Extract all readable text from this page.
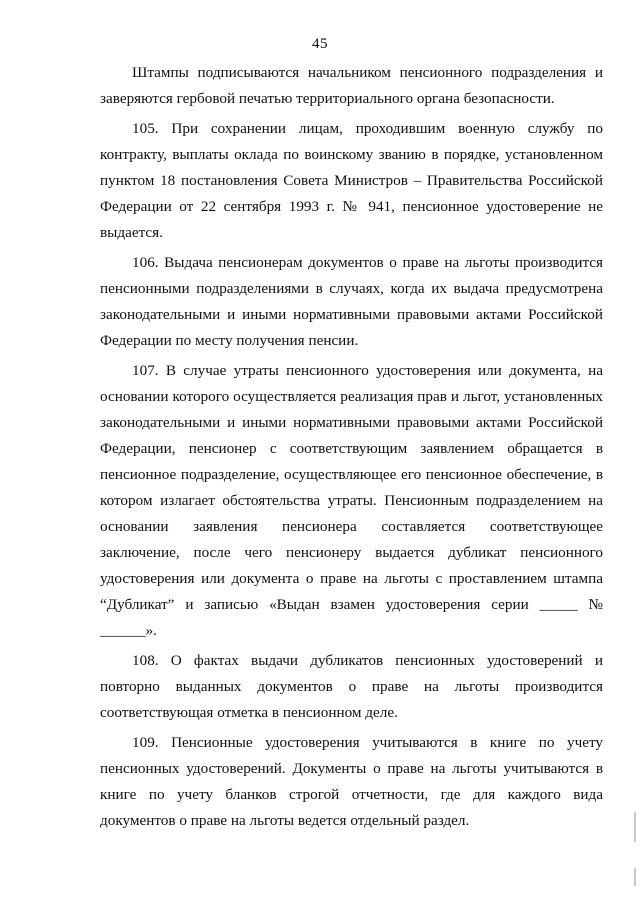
45

Штампы подписываются начальником пенсионного подразделения и заверяются гербовой печатью территориального органа безопасности.

105. При сохранении лицам, проходившим военную службу по контракту, выплаты оклада по воинскому званию в порядке, установленном пунктом 18 постановления Совета Министров – Правительства Российской Федерации от 22 сентября 1993 г. № 941, пенсионное удостоверение не выдается.

106. Выдача пенсионерам документов о праве на льготы производится пенсионными подразделениями в случаях, когда их выдача предусмотрена законодательными и иными нормативными правовыми актами Российской Федерации по месту получения пенсии.

107. В случае утраты пенсионного удостоверения или документа, на основании которого осуществляется реализация прав и льгот, установленных законодательными и иными нормативными правовыми актами Российской Федерации, пенсионер с соответствующим заявлением обращается в пенсионное подразделение, осуществляющее его пенсионное обеспечение, в котором излагает обстоятельства утраты. Пенсионным подразделением на основании заявления пенсионера составляется соответствующее заключение, после чего пенсионеру выдается дубликат пенсионного удостоверения или документа о праве на льготы с проставлением штампа “Дубликат” и записью «Выдан взамен удостоверения серии _____ № ______».

108. О фактах выдачи дубликатов пенсионных удостоверений и повторно выданных документов о праве на льготы производится соответствующая отметка в пенсионном деле.

109. Пенсионные удостоверения учитываются в книге по учету пенсионных удостоверений. Документы о праве на льготы учитываются в книге по учету бланков строгой отчетности, где для каждого вида документов о праве на льготы ведется отдельный раздел.
